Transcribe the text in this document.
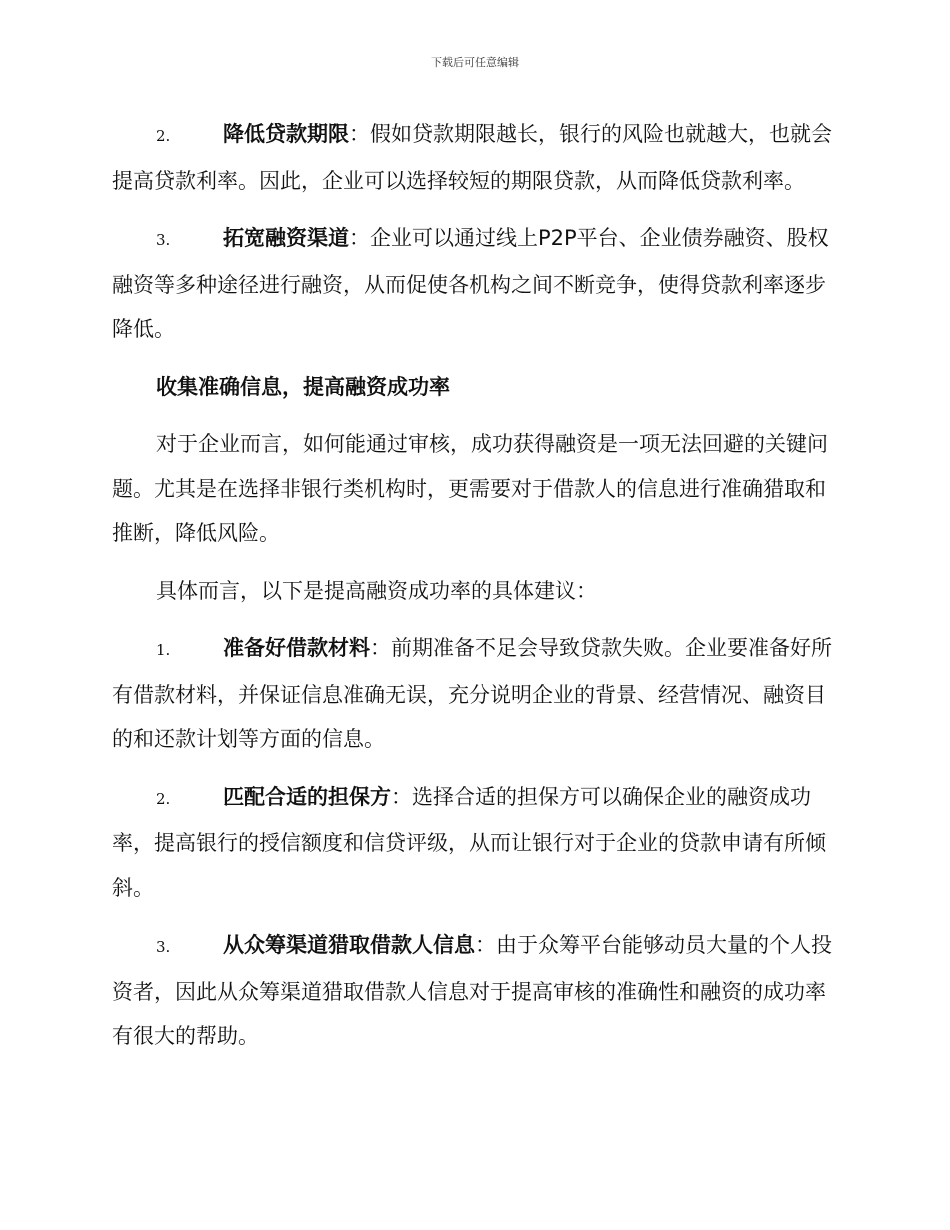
下载后可任意编辑

2.	降低贷款期限：假如贷款期限越长，银行的风险也就越大，也就会提高贷款利率。因此，企业可以选择较短的期限贷款，从而降低贷款利率。

3.	拓宽融资渠道：企业可以通过线上P2P平台、企业债券融资、股权融资等多种途径进行融资，从而促使各机构之间不断竞争，使得贷款利率逐步降低。

收集准确信息，提高融资成功率

对于企业而言，如何能通过审核，成功获得融资是一项无法回避的关键问题。尤其是在选择非银行类机构时，更需要对于借款人的信息进行准确猎取和推断，降低风险。

具体而言，以下是提高融资成功率的具体建议：

1.	准备好借款材料：前期准备不足会导致贷款失败。企业要准备好所有借款材料，并保证信息准确无误，充分说明企业的背景、经营情况、融资目的和还款计划等方面的信息。

2.	匹配合适的担保方：选择合适的担保方可以确保企业的融资成功率，提高银行的授信额度和信贷评级，从而让银行对于企业的贷款申请有所倾斜。

3.	从众筹渠道猎取借款人信息：由于众筹平台能够动员大量的个人投资者，因此从众筹渠道猎取借款人信息对于提高审核的准确性和融资的成功率有很大的帮助。
